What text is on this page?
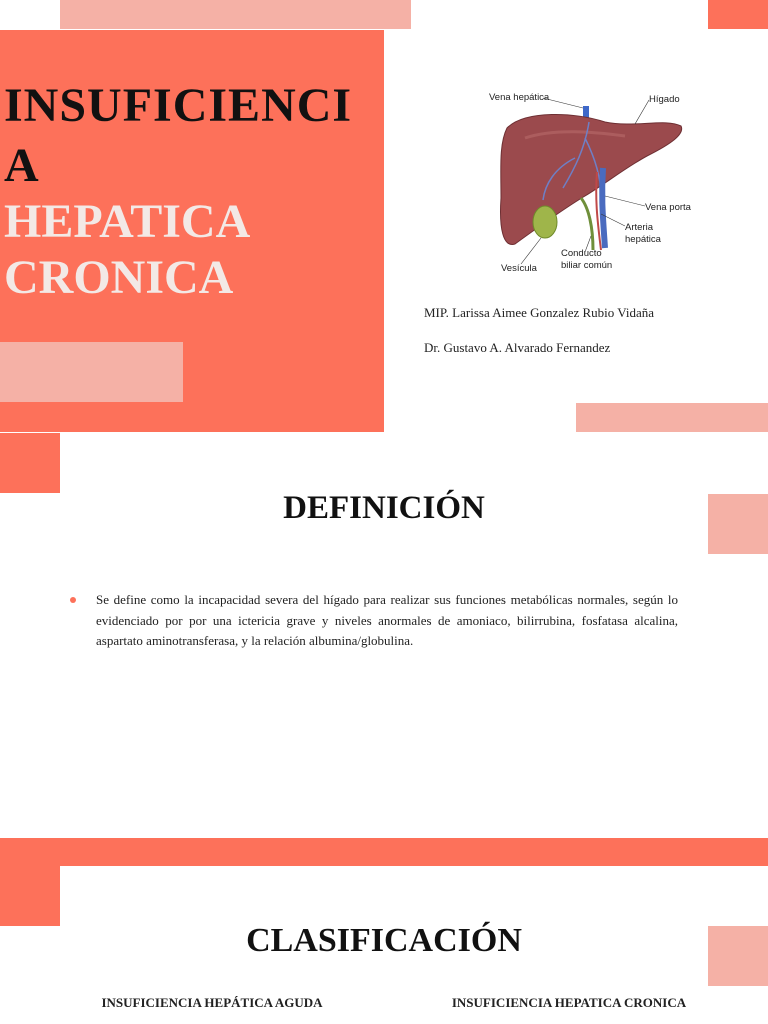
INSUFICIENCI
A
HEPATICA
CRONICA
Vena hepática	Hígado
Vena porta
Arteria
hepática
Conducto
biliar común
Vesícula
MIP. Larissa Aimee Gonzalez Rubio Vidaña
Dr. Gustavo A. Alvarado Fernandez
DEFINICIÓN
Se define como la incapacidad severa del hígado para realizar sus funciones metabólicas normales, según lo evidenciado por por una ictericia grave y niveles anormales de amoniaco, bilirrubina, fosfatasa alcalina, aspartato aminotransferasa, y la relación albumina/globulina.
CLASIFICACIÓN
INSUFICIENCIA HEPÁTICA AGUDA	INSUFICIENCIA HEPATICA CRONICA
